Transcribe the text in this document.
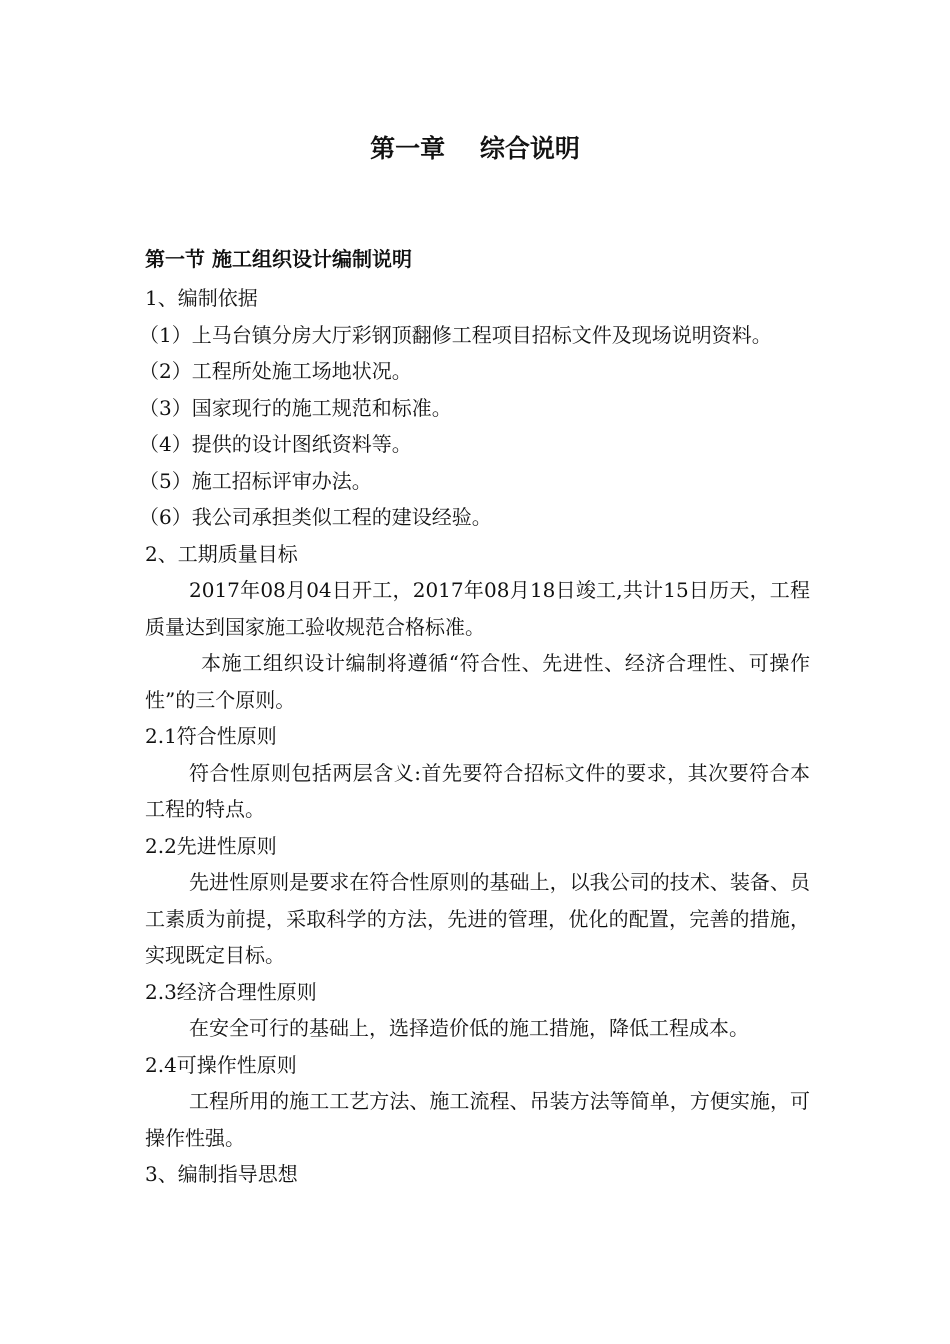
第一章    综合说明
第一节 施工组织设计编制说明

1、编制依据

（1）上马台镇分房大厅彩钢顶翻修工程项目招标文件及现场说明资料。

（2）工程所处施工场地状况。

（3）国家现行的施工规范和标准。

（4）提供的设计图纸资料等。

（5）施工招标评审办法。

（6）我公司承担类似工程的建设经验。

2、工期质量目标

2017年08月04日开工，2017年08月18日竣工,共计15日历天，工程质量达到国家施工验收规范合格标准。

本施工组织设计编制将遵循“符合性、先进性、经济合理性、可操作性”的三个原则。

2.1符合性原则

符合性原则包括两层含义:首先要符合招标文件的要求，其次要符合本工程的特点。

2.2先进性原则

先进性原则是要求在符合性原则的基础上，以我公司的技术、装备、员工素质为前提，采取科学的方法，先进的管理，优化的配置，完善的措施，实现既定目标。

2.3经济合理性原则

在安全可行的基础上，选择造价低的施工措施，降低工程成本。

2.4可操作性原则

工程所用的施工工艺方法、施工流程、吊装方法等简单，方便实施，可操作性强。

3、编制指导思想
